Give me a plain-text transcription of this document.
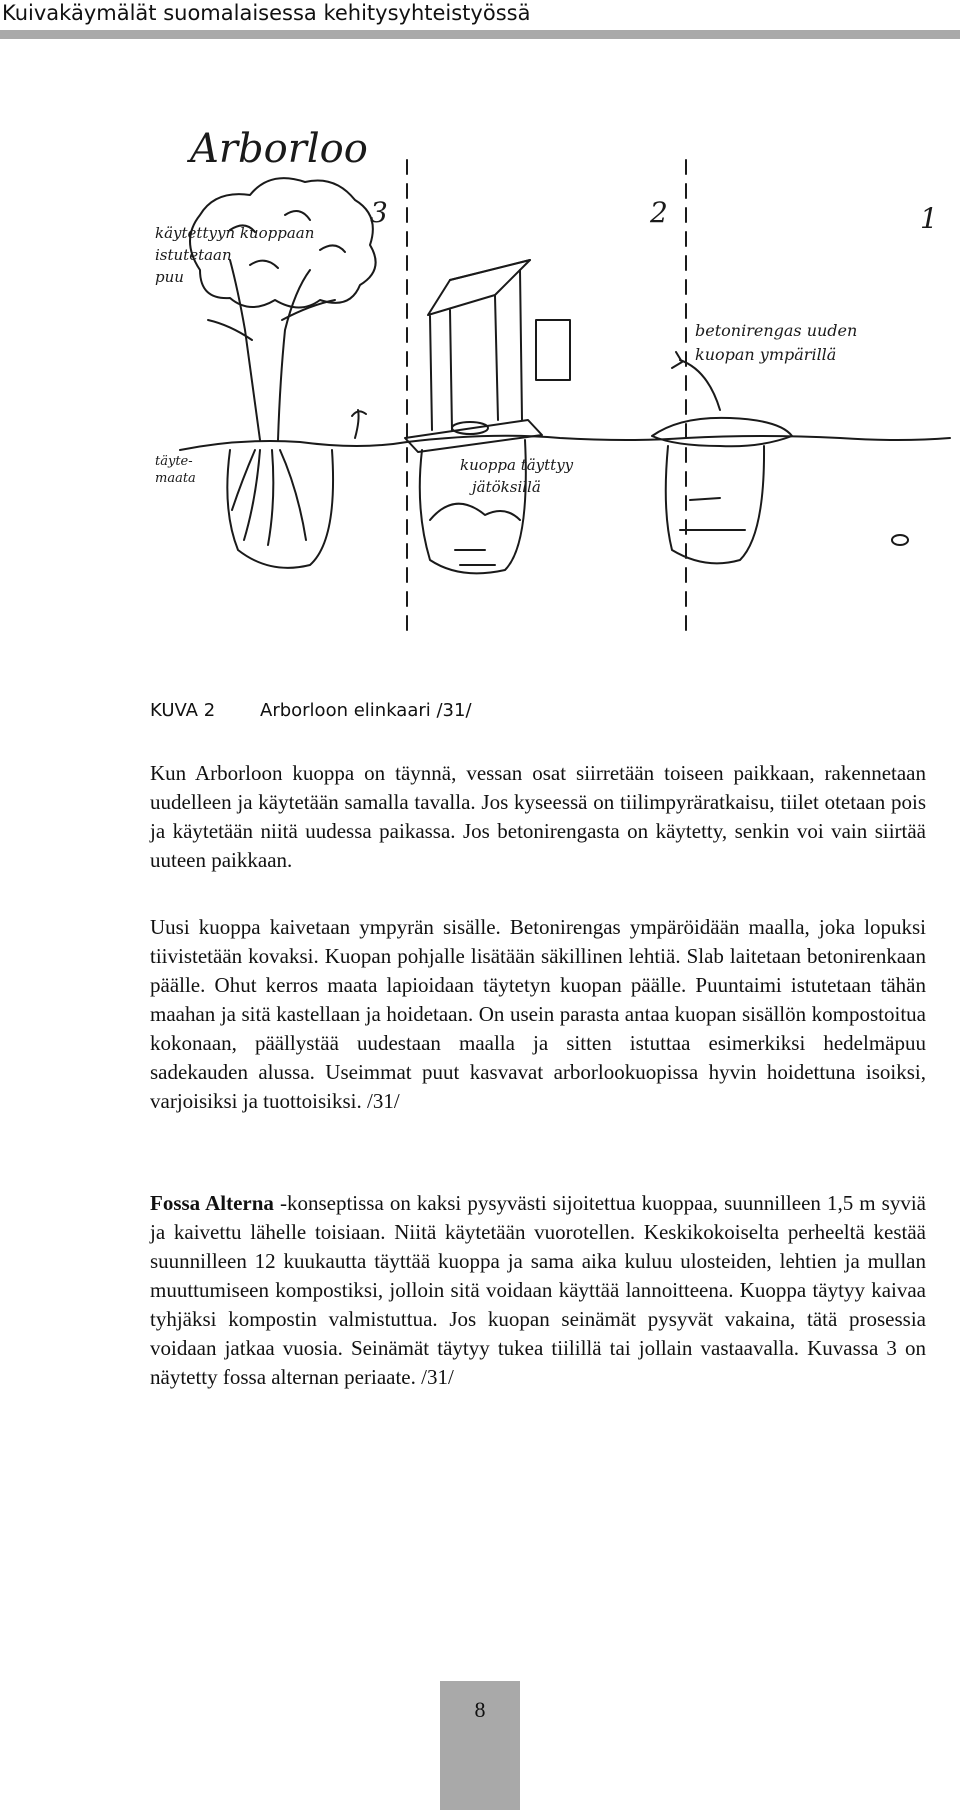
Kuivakäymälät suomalaisessa kehitysyhteistyössä
Arborloo
3	2	1
täyte-
maata
käytettyyn kuoppaan
istutetaan
puu
kuoppa täyttyy
jätöksillä
betonirengas uuden
kuopan ympärillä
KUVA 2 Arborloon elinkaari /31/

Kun Arborloon kuoppa on täynnä, vessan osat siirretään toiseen paikkaan, rakennetaan uudelleen ja käytetään samalla tavalla. Jos kyseessä on tiilimpyräratkaisu, tiilet otetaan pois ja käytetään niitä uudessa paikassa. Jos betonirengasta on käytetty, senkin voi vain siirtää uuteen paikkaan.

Uusi kuoppa kaivetaan ympyrän sisälle. Betonirengas ympäröidään maalla, joka lopuksi tiivistetään kovaksi. Kuopan pohjalle lisätään säkillinen lehtiä. Slab laitetaan betonirenkaan päälle. Ohut kerros maata lapioidaan täytetyn kuopan päälle. Puuntaimi istutetaan tähän maahan ja sitä kastellaan ja hoidetaan. On usein parasta antaa kuopan sisällön kompostoitua kokonaan, päällystää uudestaan maalla ja sitten istuttaa esimerkiksi hedelmäpuu sadekauden alussa. Useimmat puut kasvavat arborlookuopissa hyvin hoidettuna isoiksi, varjoisiksi ja tuottoisiksi. /31/

Fossa Alterna -konseptissa on kaksi pysyvästi sijoitettua kuoppaa, suunnilleen 1,5 m syviä ja kaivettu lähelle toisiaan. Niitä käytetään vuorotellen. Keskikokoiselta perheeltä kestää suunnilleen 12 kuukautta täyttää kuoppa ja sama aika kuluu ulosteiden, lehtien ja mullan muuttumiseen kompostiksi, jolloin sitä voidaan käyttää lannoitteena. Kuoppa täytyy kaivaa tyhjäksi kompostin valmistuttua. Jos kuopan seinämät pysyvät vakaina, tätä prosessia voidaan jatkaa vuosia. Seinämät täytyy tukea tiilillä tai jollain vastaavalla. Kuvassa 3 on näytetty fossa alternan periaate. /31/

8
